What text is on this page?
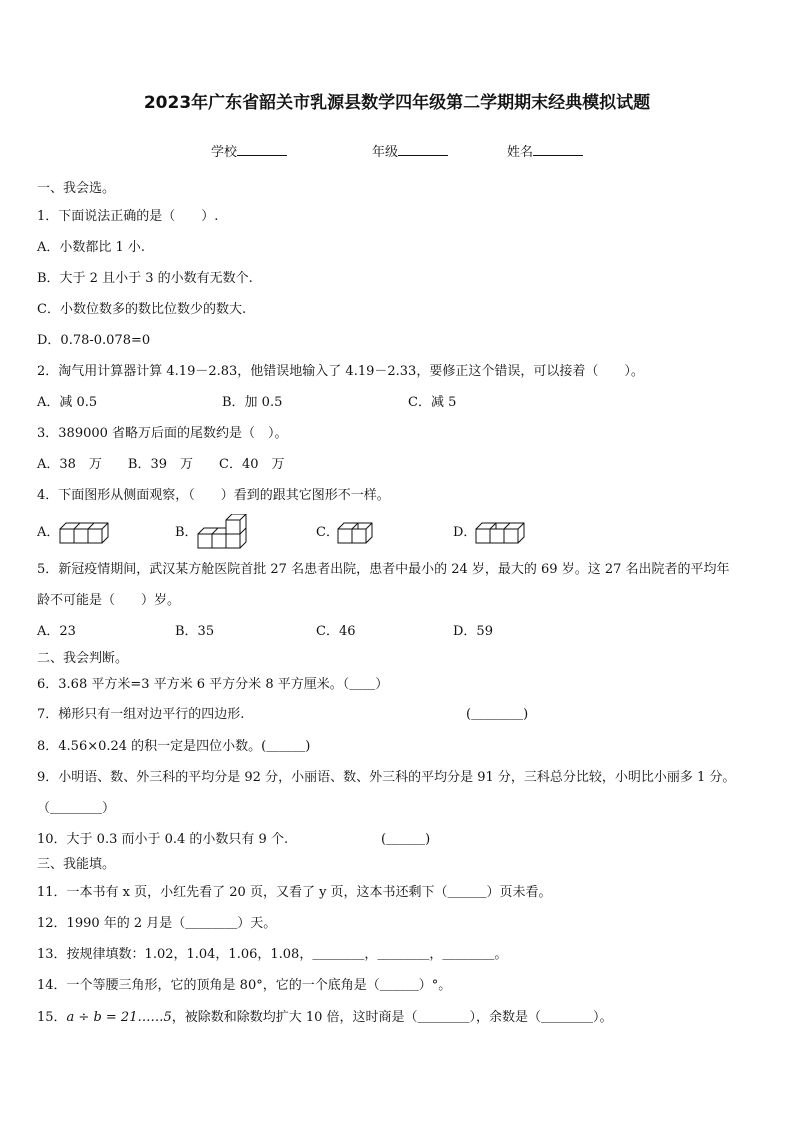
2023年广东省韶关市乳源县数学四年级第二学期期末经典模拟试题
学校	年级	姓名
一、我会选。
1．下面说法正确的是（　　）.
A．小数都比 1 小.
B．大于 2 且小于 3 的小数有无数个.
C．小数位数多的数比位数少的数大.
D．0.78-0.078=0
2．淘气用计算器计算 4.19－2.83，他错误地输入了 4.19－2.33，要修正这个错误，可以接着（　　）。
A．减 0.5	B．加 0.5	C．减 5
3．389000 省略万后面的尾数约是（　）。
A．38　万　　B．39　万　　C．40　万
4．下面图形从侧面观察，（　　）看到的跟其它图形不一样。
A．	B．	C．	D．
5．新冠疫情期间，武汉某方舱医院首批 27 名患者出院，患者中最小的 24 岁，最大的 69 岁。这 27 名出院者的平均年
龄不可能是（　　）岁。
A．23	B．35	C．46	D．59
二、我会判断。
6．3.68 平方米=3 平方米 6 平方分米 8 平方厘米。（＿＿）
7．梯形只有一组对边平行的四边形.	(＿＿＿＿)
8．4.56×0.24 的积一定是四位小数。(＿＿＿)
9．小明语、数、外三科的平均分是 92 分，小丽语、数、外三科的平均分是 91 分，三科总分比较，小明比小丽多 1 分。
（＿＿＿＿）
10．大于 0.3 而小于 0.4 的小数只有 9 个.	(＿＿＿)
三、我能填。
11．一本书有 x 页，小红先看了 20 页，又看了 y 页，这本书还剩下（＿＿＿）页未看。
12．1990 年的 2 月是（＿＿＿＿）天。
13．按规律填数：1.02，1.04，1.06，1.08，＿＿＿＿，＿＿＿＿，＿＿＿＿。
14．一个等腰三角形，它的顶角是 80°，它的一个底角是（＿＿＿）°。
15．a ÷ b = 21……5，被除数和除数均扩大 10 倍，这时商是（＿＿＿＿），余数是（＿＿＿＿）。
